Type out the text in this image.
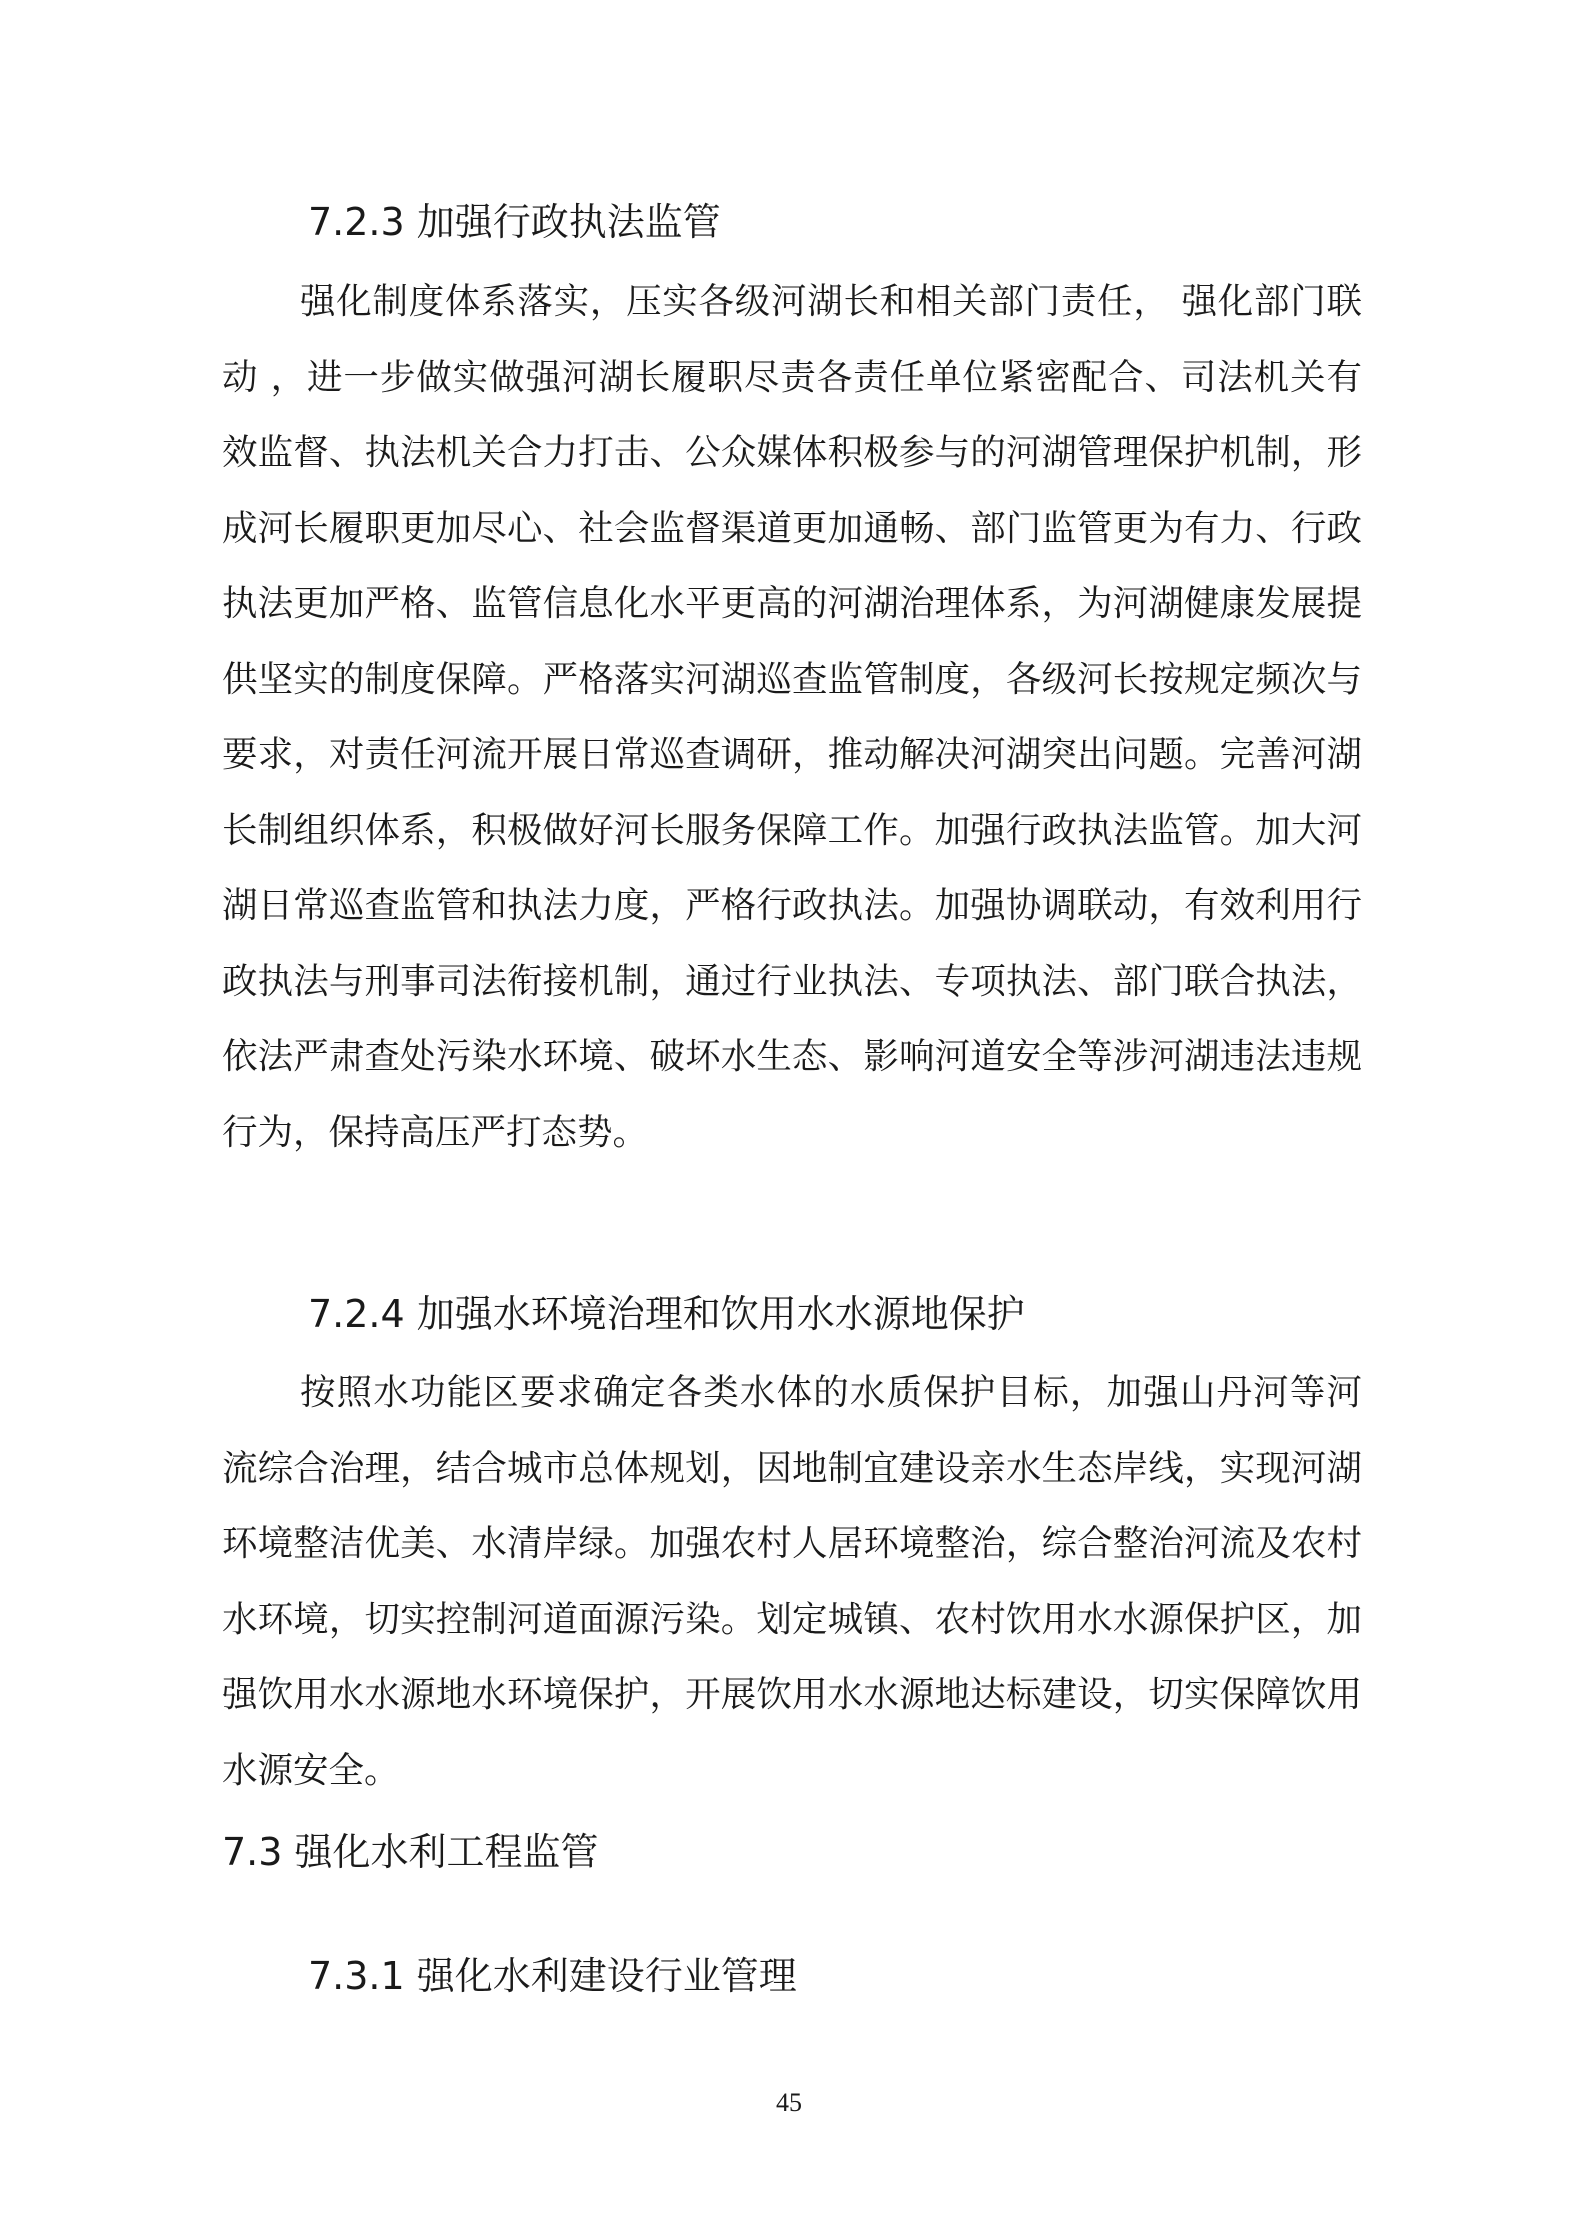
7.2.3 加强行政执法监管

强化制度体系落实，压实各级河湖长和相关部门责任， 强化部门联动 ，进一步做实做强河湖长履职尽责各责任单位紧密配合、司法机关有效监督、执法机关合力打击、公众媒体积极参与的河湖管理保护机制，形成河长履职更加尽心、社会监督渠道更加通畅、部门监管更为有力、行政执法更加严格、监管信息化水平更高的河湖治理体系，为河湖健康发展提供坚实的制度保障。严格落实河湖巡查监管制度，各级河长按规定频次与要求，对责任河流开展日常巡查调研，推动解决河湖突出问题。完善河湖长制组织体系，积极做好河长服务保障工作。加强行政执法监管。加大河湖日常巡查监管和执法力度，严格行政执法。加强协调联动，有效利用行政执法与刑事司法衔接机制，通过行业执法、专项执法、部门联合执法，依法严肃查处污染水环境、破坏水生态、影响河道安全等涉河湖违法违规行为，保持高压严打态势。

7.2.4 加强水环境治理和饮用水水源地保护

按照水功能区要求确定各类水体的水质保护目标，加强山丹河等河流综合治理，结合城市总体规划，因地制宜建设亲水生态岸线，实现河湖环境整洁优美、水清岸绿。加强农村人居环境整治，综合整治河流及农村水环境，切实控制河道面源污染。划定城镇、农村饮用水水源保护区，加强饮用水水源地水环境保护，开展饮用水水源地达标建设，切实保障饮用水源安全。

7.3 强化水利工程监管
7.3.1 强化水利建设行业管理
45
